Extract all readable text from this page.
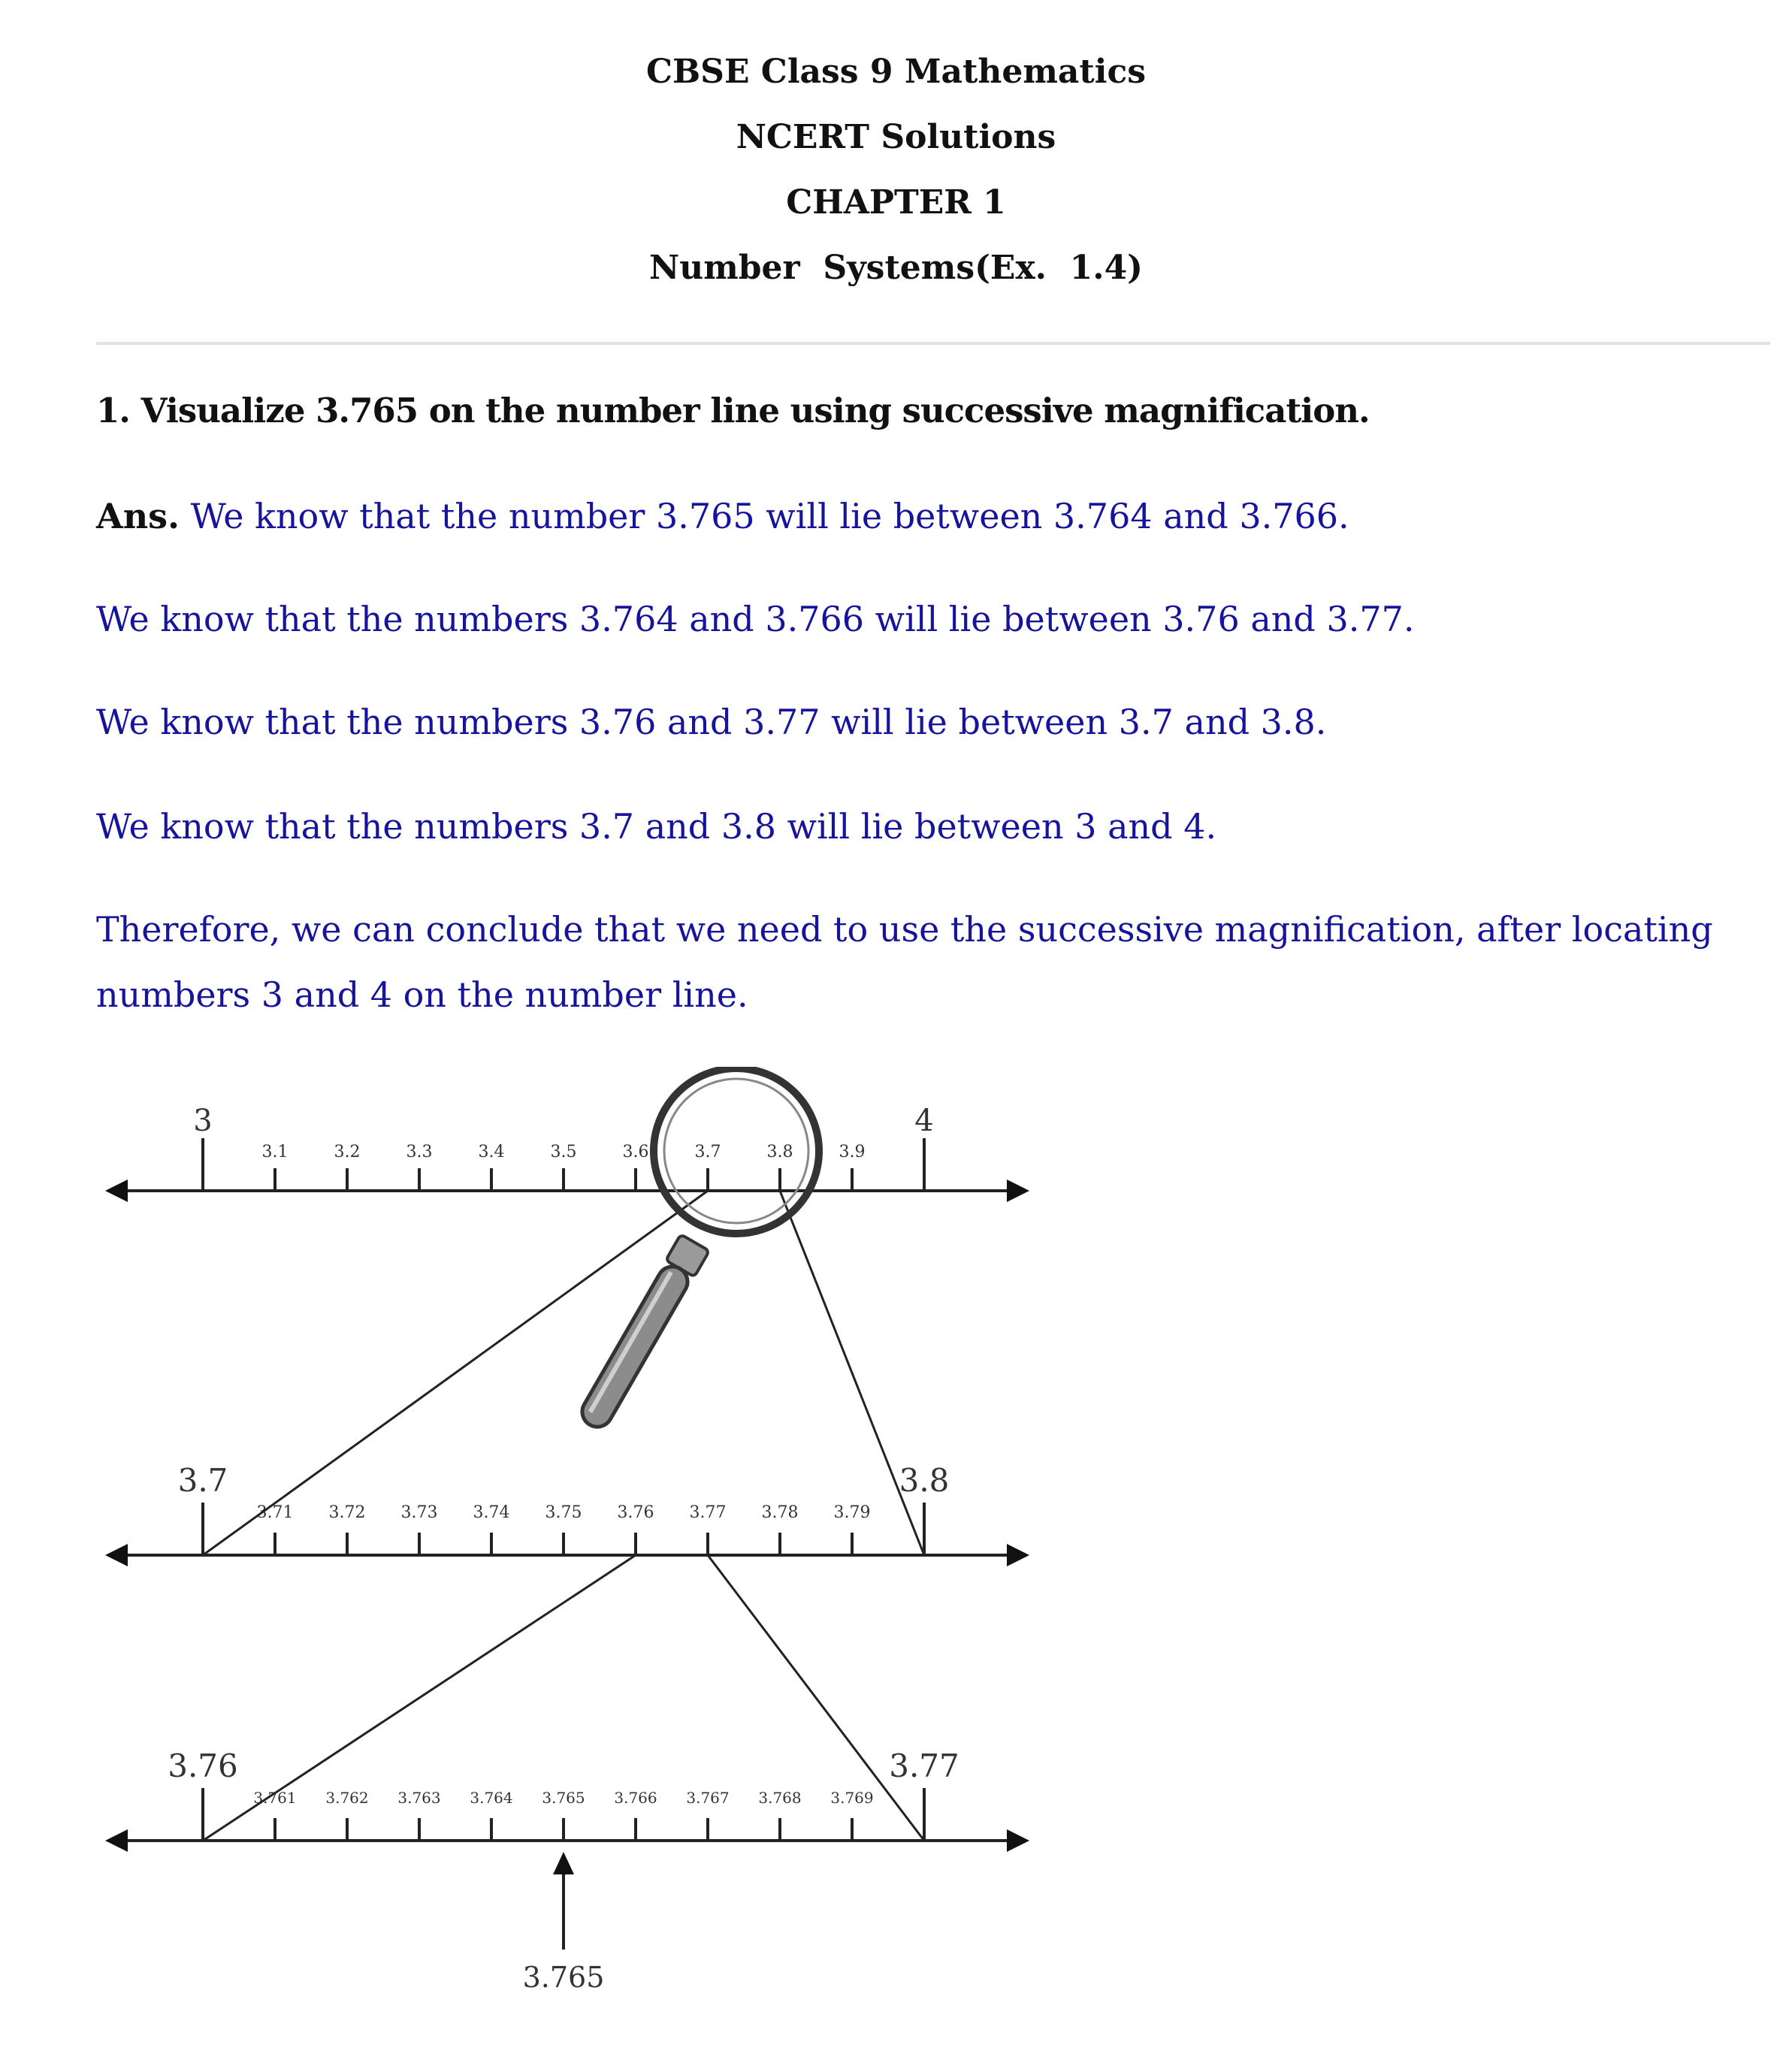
CBSE Class 9 Mathematics
NCERT Solutions
CHAPTER 1
Number  Systems(Ex.  1.4)
1. Visualize 3.765 on the number line using successive magnification.
Ans. We know that the number 3.765 will lie between 3.764 and 3.766.
We know that the numbers 3.764 and 3.766 will lie between 3.76 and 3.77.
We know that the numbers 3.76 and 3.77 will lie between 3.7 and 3.8.
We know that the numbers 3.7 and 3.8 will lie between 3 and 4.
Therefore, we can conclude that we need to use the successive magnification, after locating
numbers 3 and 4 on the number line.
3	4
3.1	3.2	3.3	3.4	3.5	3.6	3.7	3.8	3.9
3.7	3.8
3.71 3.72 3.73 3.74 3.75 3.76 3.77 3.78 3.79
3.76	3.77
3.761 3.762 3.763 3.764 3.765 3.766 3.767 3.768 3.769
3.765
